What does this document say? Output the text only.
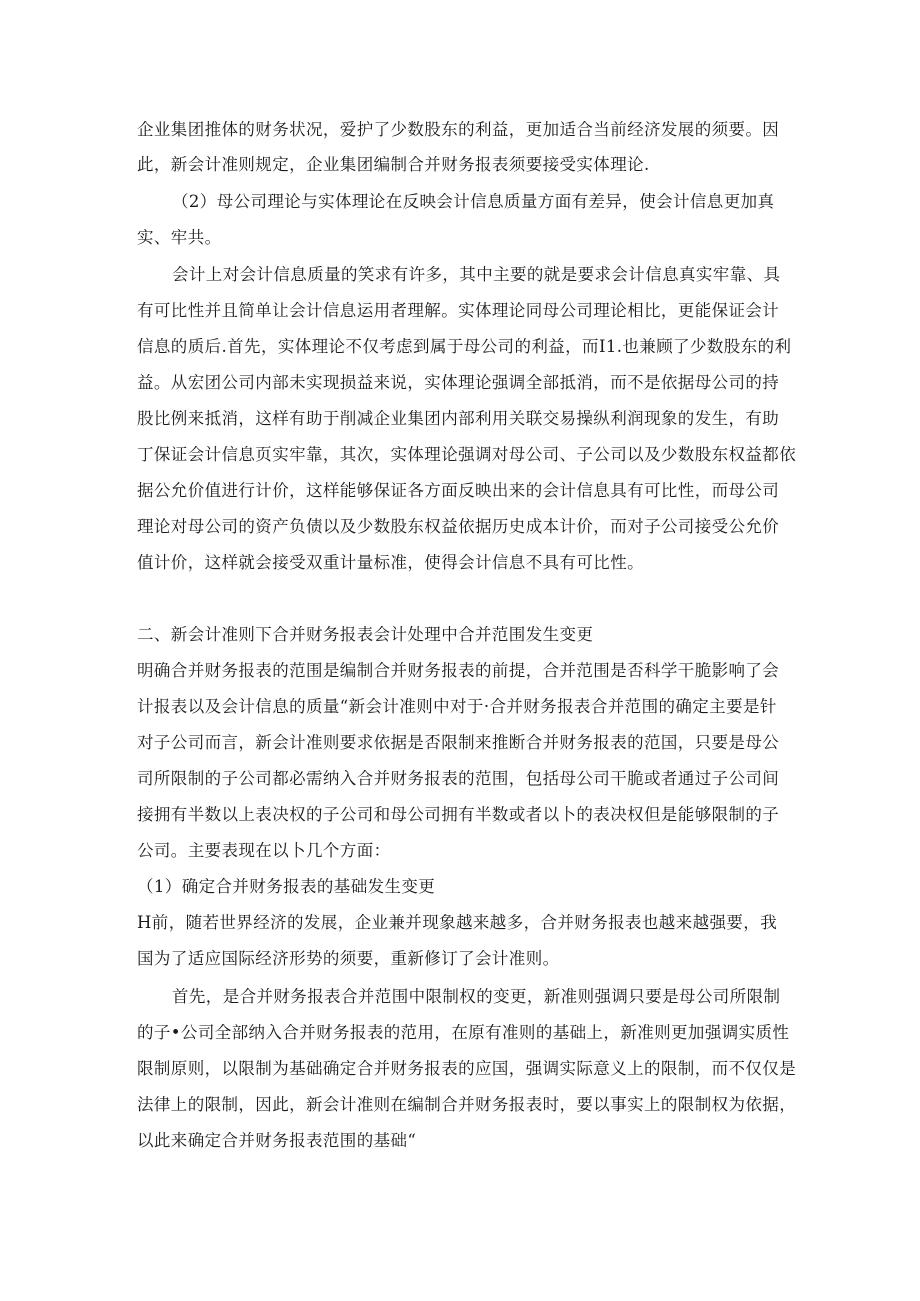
企业集团推体的财务状况，爱护了少数股东的利益，更加适合当前经济发展的须要。因
此，新会计准则规定，企业集团编制合并财务报表须要接受实体理论.
（2）母公司理论与实体理论在反映会计信息质量方面有差异，使会计信息更加真
实、牢共。
会计上对会计信息质量的笑求有许多，其中主要的就是要求会计信息真实牢靠、具
有可比性并且简单让会计信息运用者理解。实体理论同母公司理论相比，更能保证会计
信息的质后.首先，实体理论不仅考虑到属于母公司的利益，而I1.也兼顾了少数股东的利
益。从宏团公司内部未实现损益来说，实体理论强调全部抵消，而不是依据母公司的持
股比例来抵消，这样有助于削减企业集团内部利用关联交易操纵利润现象的发生，有助
丁保证会计信息页实牢靠，其次，实体理论强调对母公司、子公司以及少数股东权益都依
据公允价值进行计价，这样能够保证各方面反映出来的会计信息具有可比性，而母公司
理论对母公司的资产负债以及少数股东权益依据历史成本计价，而对子公司接受公允价
值计价，这样就会接受双重计量标准，使得会计信息不具有可比性。
二、新会计准则下合并财务报表会计处理中合并范围发生变更
明确合并财务报表的范围是编制合并财务报表的前提，合并范围是否科学干脆影响了会
计报表以及会计信息的质量“新会计准则中对于·合并财务报表合并范围的确定主要是针
对子公司而言，新会计准则要求依据是否限制来推断合并财务报表的范国，只要是母公
司所限制的子公司都必需纳入合并财务报表的范围，包括母公司干脆或者通过子公司间
接拥有半数以上表决权的子公司和母公司拥有半数或者以卜的表决权但是能够限制的子
公司。主要表现在以卜几个方面：
（1）确定合并财务报表的基础发生变更
H前，随若世界经济的发展，企业兼并现象越来越多，合并财务报表也越来越强要，我
国为了适应国际经济形势的须要，重新修订了会计准则。
首先，是合并财务报表合并范围中限制权的变更，新准则强调只要是母公司所限制
的子•公司全部纳入合并财务报表的范用，在原有准则的基础上，新准则更加强调实质性
限制原则，以限制为基础确定合并财务报表的应国，强调实际意义上的限制，而不仅仅是
法律上的限制，因此，新会计准则在编制合并财务报表时，要以事实上的限制权为依据，
以此来确定合并财务报表范围的基础“
